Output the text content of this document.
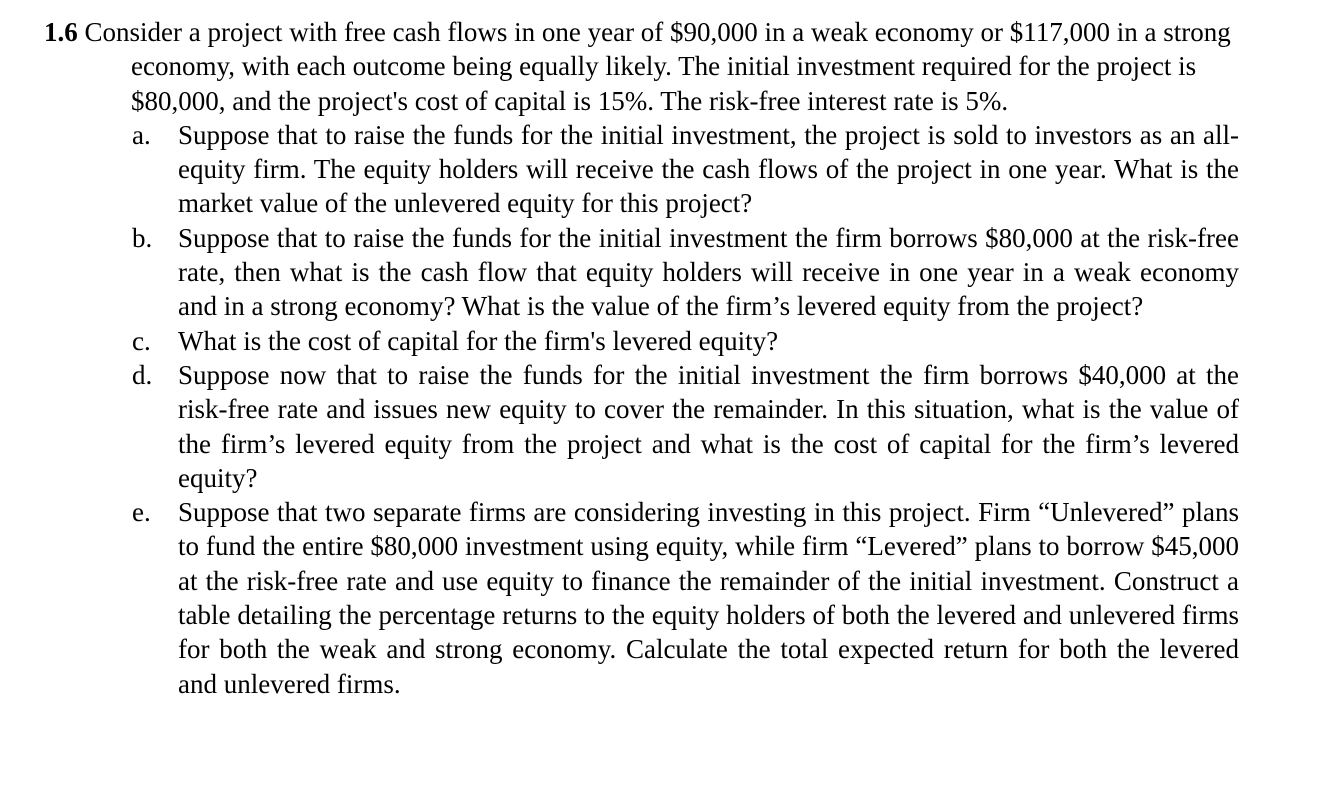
1.6 Consider a project with free cash flows in one year of $90,000 in a weak economy or $117,000 in a strong economy, with each outcome being equally likely. The initial investment required for the project is $80,000, and the project's cost of capital is 15%. The risk-free interest rate is 5%.

a. Suppose that to raise the funds for the initial investment, the project is sold to investors as an all-equity firm. The equity holders will receive the cash flows of the project in one year. What is the market value of the unlevered equity for this project?

b. Suppose that to raise the funds for the initial investment the firm borrows $80,000 at the risk-free rate, then what is the cash flow that equity holders will receive in one year in a weak economy and in a strong economy? What is the value of the firm’s levered equity from the project?

c. What is the cost of capital for the firm's levered equity?

d. Suppose now that to raise the funds for the initial investment the firm borrows $40,000 at the risk-free rate and issues new equity to cover the remainder. In this situation, what is the value of the firm’s levered equity from the project and what is the cost of capital for the firm’s levered equity?

e. Suppose that two separate firms are considering investing in this project. Firm “Unlevered” plans to fund the entire $80,000 investment using equity, while firm “Levered” plans to borrow $45,000 at the risk-free rate and use equity to finance the remainder of the initial investment. Construct a table detailing the percentage returns to the equity holders of both the levered and unlevered firms for both the weak and strong economy. Calculate the total expected return for both the levered and unlevered firms.
